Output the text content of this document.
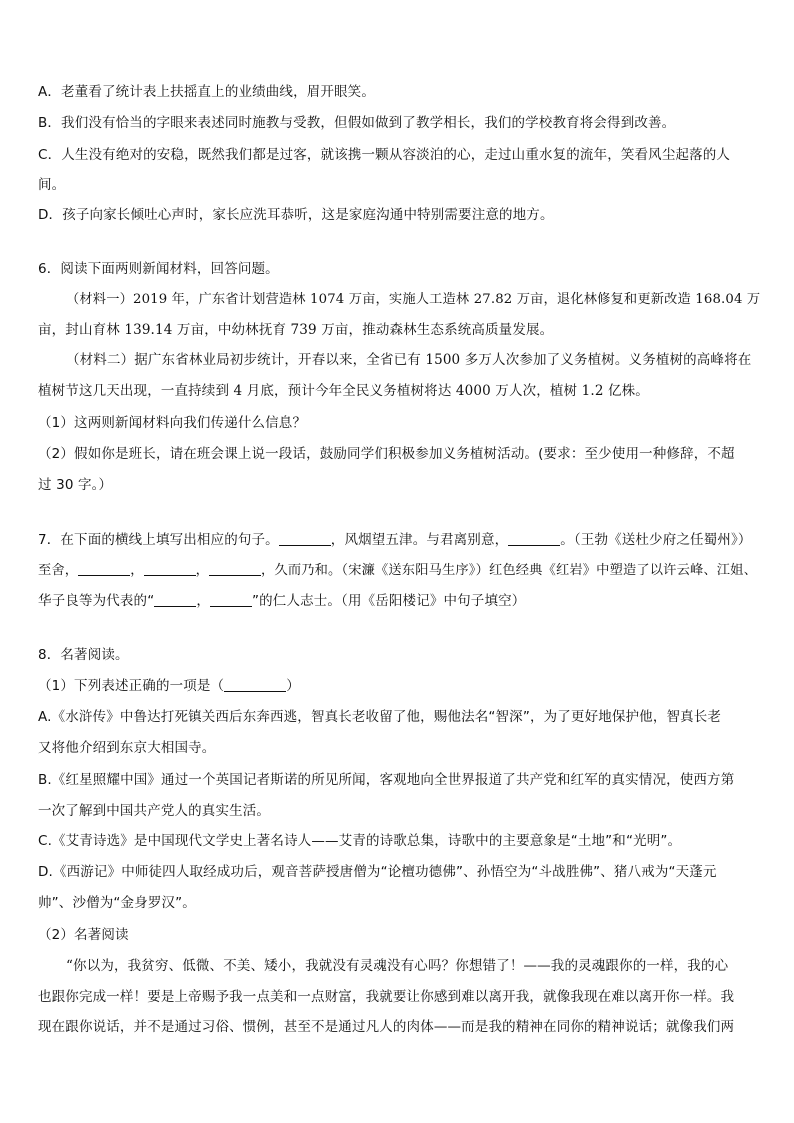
A．老董看了统计表上扶摇直上的业绩曲线，眉开眼笑。
B．我们没有恰当的字眼来表述同时施教与受教，但假如做到了教学相长，我们的学校教育将会得到改善。
C．人生没有绝对的安稳，既然我们都是过客，就该携一颗从容淡泊的心，走过山重水复的流年，笑看风尘起落的人
间。
D．孩子向家长倾吐心声时，家长应洗耳恭听，这是家庭沟通中特别需要注意的地方。
6．阅读下面两则新闻材料，回答问题。
（材料一）2019 年，广东省计划营造林 1074 万亩，实施人工造林 27.82 万亩，退化林修复和更新改造 168.04 万
亩，封山育林 139.14 万亩，中幼林抚育 739 万亩，推动森林生态系统高质量发展。
（材料二）据广东省林业局初步统计，开春以来，全省已有 1500 多万人次参加了义务植树。义务植树的高峰将在
植树节这几天出现，一直持续到 4 月底，预计今年全民义务植树将达 4000 万人次，植树 1.2 亿株。
（1）这两则新闻材料向我们传递什么信息？
（2）假如你是班长，请在班会课上说一段话，鼓励同学们积极参加义务植树活动。(要求：至少使用一种修辞，不超
过 30 字。）
7．在下面的横线上填写出相应的句子。	，风烟望五津。与君离别意，	。（王勃《送杜少府之任蜀州》）
至舍，	，	，	，久而乃和。（宋濂《送东阳马生序》）红色经典《红岩》中塑造了以许云峰、江姐、
华子良等为代表的“	，	”的仁人志士。（用《岳阳楼记》中句子填空）
8．名著阅读。
（1）下列表述正确的一项是（	）
A.《水浒传》中鲁达打死镇关西后东奔西逃，智真长老收留了他，赐他法名“智深”，为了更好地保护他，智真长老
又将他介绍到东京大相国寺。
B.《红星照耀中国》通过一个英国记者斯诺的所见所闻，客观地向全世界报道了共产党和红军的真实情况，使西方第
一次了解到中国共产党人的真实生活。
C.《艾青诗选》是中国现代文学史上著名诗人——艾青的诗歌总集，诗歌中的主要意象是“土地”和“光明”。
D.《西游记》中师徒四人取经成功后，观音菩萨授唐僧为“论檀功德佛”、孙悟空为“斗战胜佛”、猪八戒为“天蓬元
帅”、沙僧为“金身罗汉”。
（2）名著阅读
“你以为，我贫穷、低微、不美、矮小，我就没有灵魂没有心吗？你想错了！——我的灵魂跟你的一样，我的心
也跟你完成一样！要是上帝赐予我一点美和一点财富，我就要让你感到难以离开我，就像我现在难以离开你一样。我
现在跟你说话，并不是通过习俗、惯例，甚至不是通过凡人的肉体——而是我的精神在同你的精神说话；就像我们两
